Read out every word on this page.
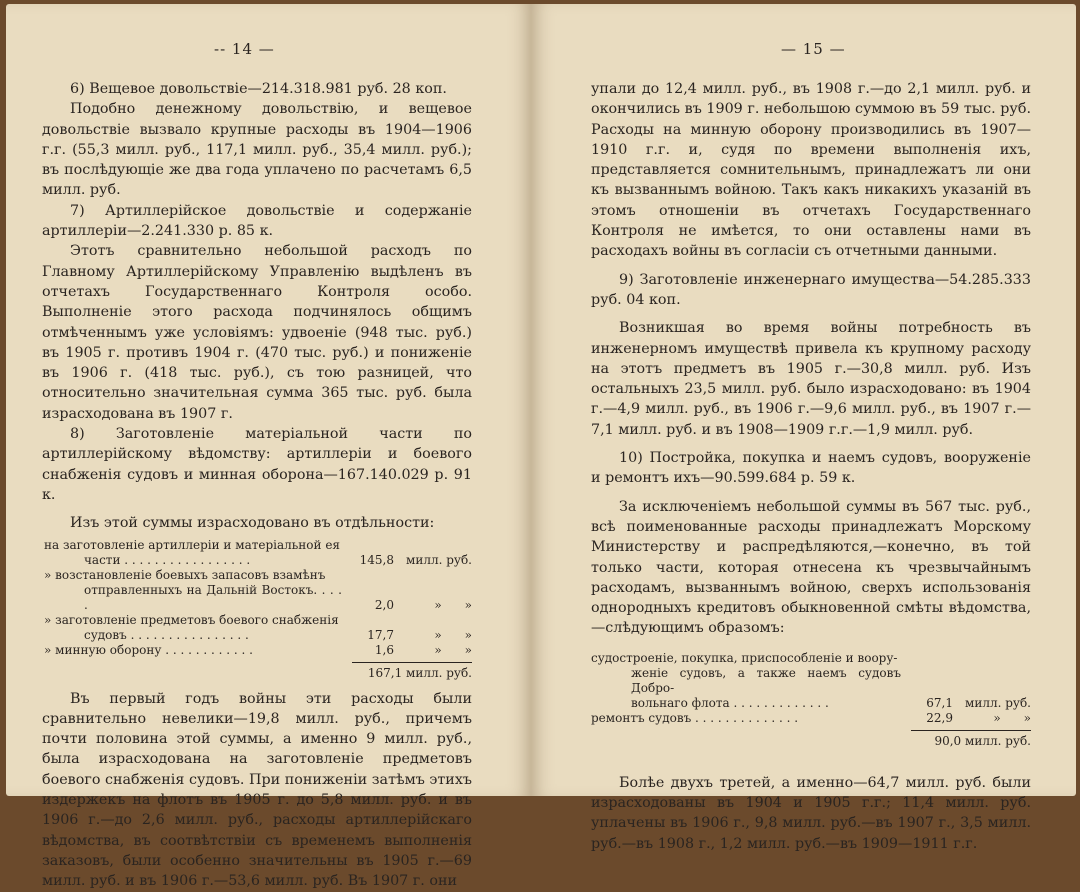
-- 14 —

6) Вещевое довольствіе—214.318.981 руб. 28 коп.

Подобно денежному довольствію, и вещевое довольствіе вызвало крупные расходы въ 1904—1906 г.г. (55,3 милл. руб., 117,1 милл. руб., 35,4 милл. руб.); въ послѣдующіе же два года уплачено по расчетамъ 6,5 милл. руб.

7) Артиллерійское довольствіе и содержаніе артиллеріи—2.241.330 р. 85 к.

Этотъ сравнительно небольшой расходъ по Главному Артиллерійскому Управленію выдѣленъ въ отчетахъ Государственнаго Контроля особо. Выполненіе этого расхода подчинялось общимъ отмѣченнымъ уже условіямъ: удвоеніе (948 тыс. руб.) въ 1905 г. противъ 1904 г. (470 тыс. руб.) и пониженіе въ 1906 г. (418 тыс. руб.), съ тою разницей, что относительно значительная сумма 365 тыс. руб. была израсходована въ 1907 г.

8) Заготовленіе матеріальной части по артиллерійскому вѣдомству: артиллеріи и боевого снабженія судовъ и минная оборона—167.140.029 р. 91 к.

Изъ этой суммы израсходовано въ отдѣльности:

на заготовленіе артиллеріи и матеріальной ея
части . . . . . . . . . . . . . . . . .	145,8	милл. руб.
» возстановленіе боевыхъ запасовъ взамѣнъ
отправленныхъ на Дальній Востокъ. . . . .	2,0	»      »
» заготовленіе предметовъ боевого снабженія
судовъ . . . . . . . . . . . . . . . .	17,7	»      »
» минную оборону . . . . . . . . . . . .	1,6	»      »
167,1 милл. руб.

Въ первый годъ войны эти расходы были сравнительно невелики—19,8 милл. руб., причемъ почти половина этой суммы, а именно 9 милл. руб., была израсходована на заготовленіе предметовъ боевого снабженія судовъ. При пониженіи затѣмъ этихъ издержекъ на флотъ въ 1905 г. до 5,8 милл. руб. и въ 1906 г.—до 2,6 милл. руб., расходы артиллерійскаго вѣдомства, въ соотвѣтствіи съ временемъ выполненія заказовъ, были особенно значительны въ 1905 г.—69 милл. руб. и въ 1906 г.—53,6 милл. руб. Въ 1907 г. они

— 15 —

упали до 12,4 милл. руб., въ 1908 г.—до 2,1 милл. руб. и окончились въ 1909 г. небольшою суммою въ 59 тыс. руб. Расходы на минную оборону производились въ 1907—1910 г.г. и, судя по времени выполненія ихъ, представляется сомнительнымъ, принадлежатъ ли они къ вызваннымъ войною. Такъ какъ никакихъ указаній въ этомъ отношеніи въ отчетахъ Государственнаго Контроля не имѣется, то они оставлены нами въ расходахъ войны въ согласіи съ отчетными данными.

9) Заготовленіе инженернаго имущества—54.285.333 руб. 04 коп.

Возникшая во время войны потребность въ инженерномъ имуществѣ привела къ крупному расходу на этотъ предметъ въ 1905 г.—30,8 милл. руб. Изъ остальныхъ 23,5 милл. руб. было израсходовано: въ 1904 г.—4,9 милл. руб., въ 1906 г.—9,6 милл. руб., въ 1907 г.—7,1 милл. руб. и въ 1908—1909 г.г.—1,9 милл. руб.

10) Постройка, покупка и наемъ судовъ, вооруженіе и ремонтъ ихъ—90.599.684 р. 59 к.

За исключеніемъ небольшой суммы въ 567 тыс. руб., всѣ поименованные расходы принадлежатъ Морскому Министерству и распредѣляются,—конечно, въ той только части, которая отнесена къ чрезвычайнымъ расходамъ, вызваннымъ войною, сверхъ использованія однородныхъ кредитовъ обыкновенной смѣты вѣдомства,—слѣдующимъ образомъ:

судостроеніе, покупка, приспособленіе и воору-
женіе судовъ, а также наемъ судовъ Добро-
вольнаго флота . . . . . . . . . . . . .	67,1	милл. руб.
ремонтъ судовъ . . . . . . . . . . . . . .	22,9	»      »
90,0 милл. руб.

Болѣе двухъ третей, а именно—64,7 милл. руб. были израсходованы въ 1904 и 1905 г.г.; 11,4 милл. руб. уплачены въ 1906 г., 9,8 милл. руб.—въ 1907 г., 3,5 милл. руб.—въ 1908 г., 1,2 милл. руб.—въ 1909—1911 г.г.
